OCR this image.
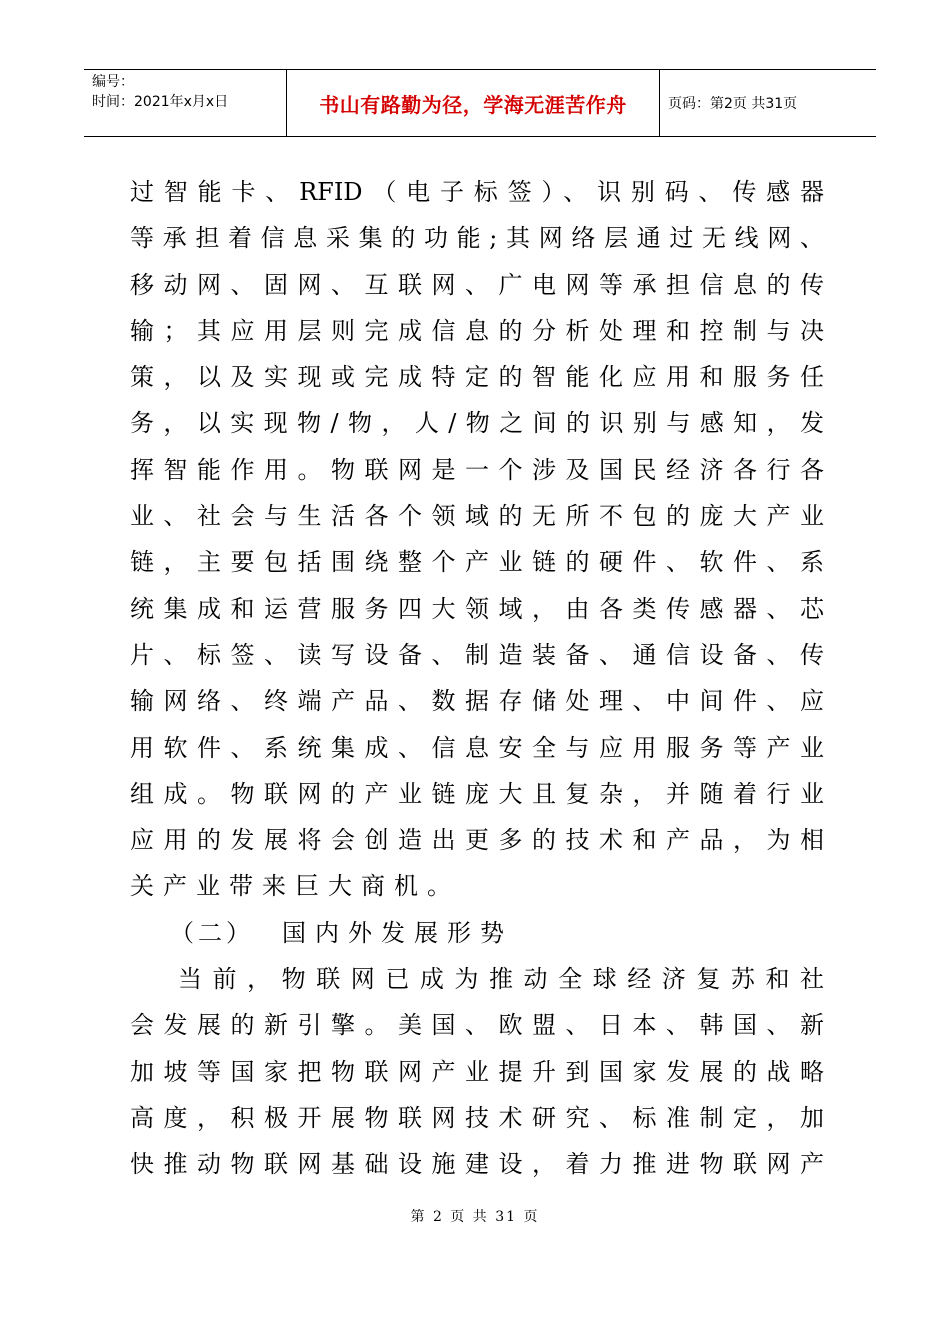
编号：
时间：2021年x月x日	书山有路勤为径，学海无涯苦作舟	页码：第2页 共31页
过智能卡、RFID（电子标签）、识别码、传感器
等承担着信息采集的功能;其网络层通过无线网、
移动网、固网、互联网、广电网等承担信息的传
输；其应用层则完成信息的分析处理和控制与决
策，以及实现或完成特定的智能化应用和服务任
务，以实现物/物，人/物之间的识别与感知，发
挥智能作用。物联网是一个涉及国民经济各行各
业、社会与生活各个领域的无所不包的庞大产业
链，主要包括围绕整个产业链的硬件、软件、系
统集成和运营服务四大领域，由各类传感器、芯
片、标签、读写设备、制造装备、通信设备、传
输网络、终端产品、数据存储处理、中间件、应
用软件、系统集成、信息安全与应用服务等产业
组成。物联网的产业链庞大且复杂，并随着行业
应用的发展将会创造出更多的技术和产品，为相
关产业带来巨大商机。
（二） 国内外发展形势
当前，物联网已成为推动全球经济复苏和社
会发展的新引擎。美国、欧盟、日本、韩国、新
加坡等国家把物联网产业提升到国家发展的战略
高度，积极开展物联网技术研究、标准制定，加
快推动物联网基础设施建设，着力推进物联网产
第 2 页 共 31 页
